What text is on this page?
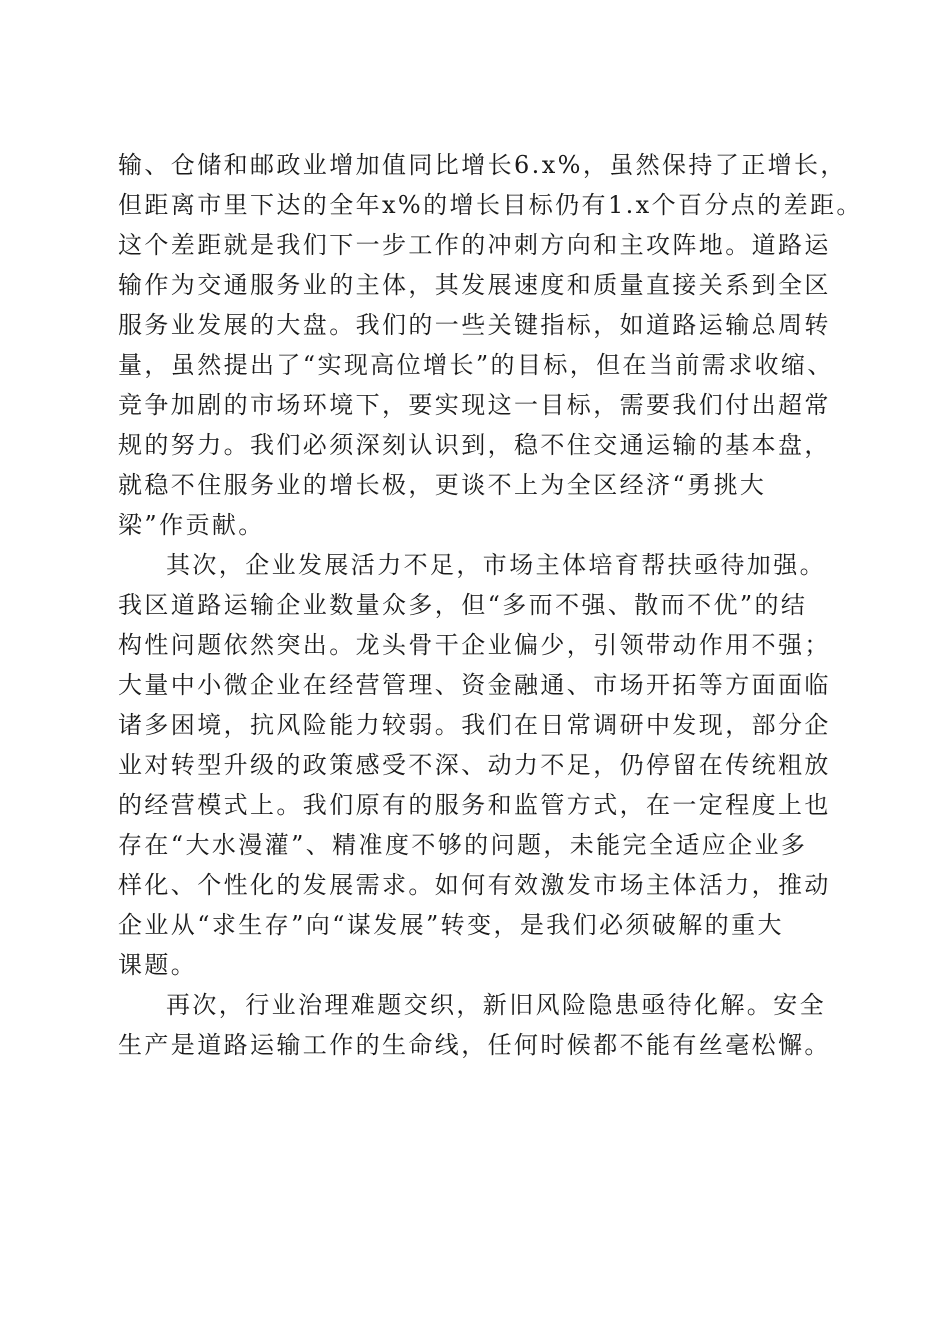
输、仓储和邮政业增加值同比增长6.x%，虽然保持了正增长，
但距离市里下达的全年x%的增长目标仍有1.x个百分点的差距。
这个差距就是我们下一步工作的冲刺方向和主攻阵地。道路运
输作为交通服务业的主体，其发展速度和质量直接关系到全区
服务业发展的大盘。我们的一些关键指标，如道路运输总周转
量，虽然提出了“实现高位增长”的目标，但在当前需求收缩、
竞争加剧的市场环境下，要实现这一目标，需要我们付出超常
规的努力。我们必须深刻认识到，稳不住交通运输的基本盘，
就稳不住服务业的增长极，更谈不上为全区经济“勇挑大
梁”作贡献。
其次，企业发展活力不足，市场主体培育帮扶亟待加强。
我区道路运输企业数量众多，但“多而不强、散而不优”的结
构性问题依然突出。龙头骨干企业偏少，引领带动作用不强；
大量中小微企业在经营管理、资金融通、市场开拓等方面面临
诸多困境，抗风险能力较弱。我们在日常调研中发现，部分企
业对转型升级的政策感受不深、动力不足，仍停留在传统粗放
的经营模式上。我们原有的服务和监管方式，在一定程度上也
存在“大水漫灌”、精准度不够的问题，未能完全适应企业多
样化、个性化的发展需求。如何有效激发市场主体活力，推动
企业从“求生存”向“谋发展”转变，是我们必须破解的重大
课题。
再次，行业治理难题交织，新旧风险隐患亟待化解。安全
生产是道路运输工作的生命线，任何时候都不能有丝毫松懈。
